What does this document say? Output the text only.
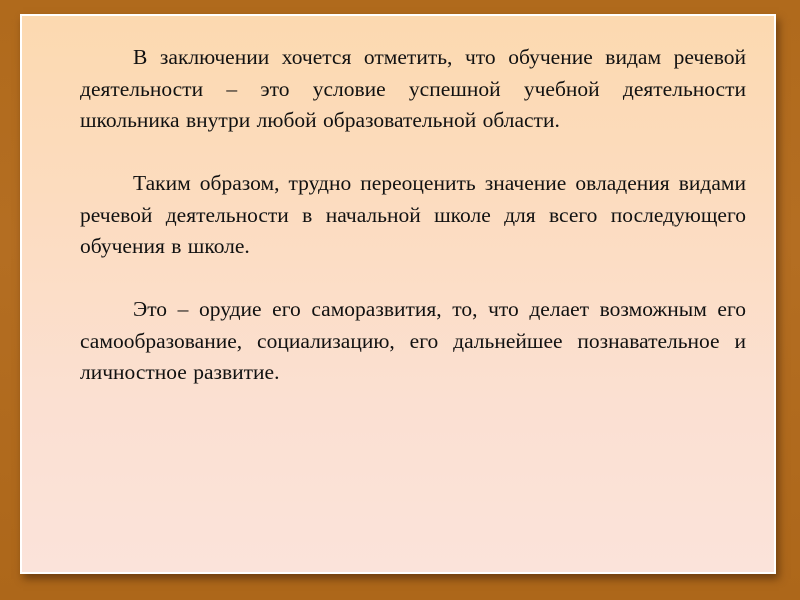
В заключении хочется отметить, что обучение видам речевой деятельности – это условие успешной учебной деятельности школьника внутри любой образовательной области.

Таким образом, трудно переоценить значение овладения видами речевой деятельности в начальной школе для всего последующего обучения в школе.

Это – орудие его саморазвития, то, что делает возможным его самообразование, социализацию, его дальнейшее познавательное и личностное развитие.
